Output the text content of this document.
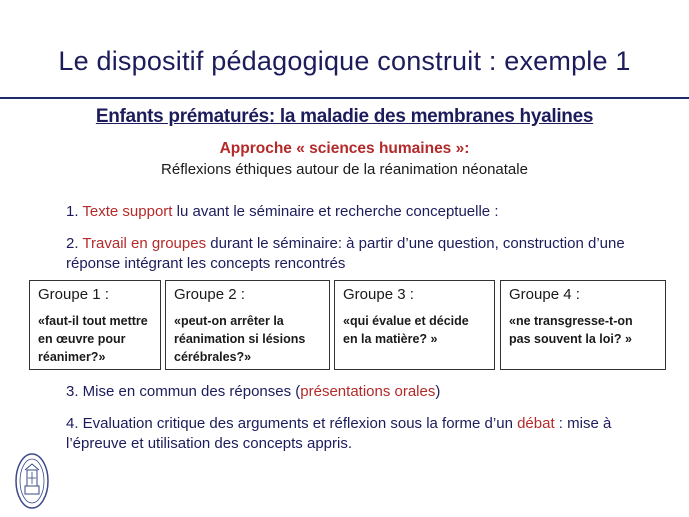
Le dispositif pédagogique construit : exemple 1
Enfants prématurés: la maladie des membranes hyalines
Approche « sciences humaines »:
Réflexions éthiques autour de la réanimation néonatale
1. Texte support lu avant le séminaire et recherche conceptuelle :
2. Travail en groupes durant le séminaire: à partir d’une question, construction d’une réponse intégrant les concepts rencontrés
Groupe 1 :
«faut-il tout mettre en œuvre pour réanimer?»
Groupe 2 :
«peut-on arrêter la réanimation si lésions cérébrales?»
Groupe 3 :
«qui évalue et décide en la matière? »
Groupe 4 :
«ne transgresse-t-on pas souvent la loi? »
3. Mise en commun des réponses (présentations orales)
4. Evaluation critique des arguments et réflexion sous la forme d’un débat : mise à l’épreuve et utilisation des concepts appris.
